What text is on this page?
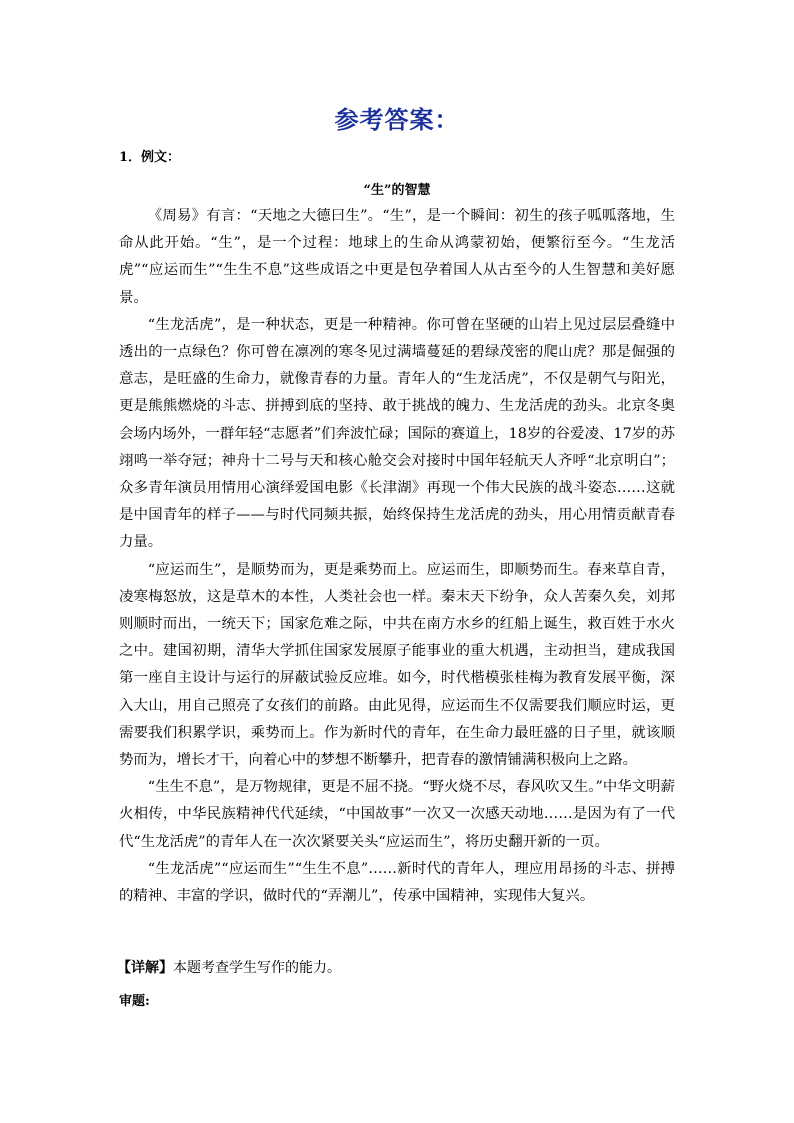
参考答案：
1．例文：
“生”的智慧

《周易》有言：“天地之大德曰生”。“生”，是一个瞬间：初生的孩子呱呱落地，生命从此开始。“生”，是一个过程：地球上的生命从鸿蒙初始，便繁衍至今。“生龙活虎”“应运而生”“生生不息”这些成语之中更是包孕着国人从古至今的人生智慧和美好愿景。

“生龙活虎”，是一种状态，更是一种精神。你可曾在坚硬的山岩上见过层层叠缝中透出的一点绿色？你可曾在凛冽的寒冬见过满墙蔓延的碧绿茂密的爬山虎？那是倔强的意志，是旺盛的生命力，就像青春的力量。青年人的“生龙活虎”，不仅是朝气与阳光，更是熊熊燃烧的斗志、拼搏到底的坚持、敢于挑战的魄力、生龙活虎的劲头。北京冬奥会场内场外，一群年轻“志愿者”们奔波忙碌；国际的赛道上，18岁的谷爱凌、17岁的苏翊鸣一举夺冠；神舟十二号与天和核心舱交会对接时中国年轻航天人齐呼“北京明白”；众多青年演员用情用心演绎爱国电影《长津湖》再现一个伟大民族的战斗姿态……这就是中国青年的样子——与时代同频共振，始终保持生龙活虎的劲头，用心用情贡献青春力量。

“应运而生”，是顺势而为，更是乘势而上。应运而生，即顺势而生。春来草自青，凌寒梅怒放，这是草木的本性，人类社会也一样。秦末天下纷争，众人苦秦久矣，刘邦则顺时而出，一统天下；国家危难之际，中共在南方水乡的红船上诞生，救百姓于水火之中。建国初期，清华大学抓住国家发展原子能事业的重大机遇，主动担当，建成我国第一座自主设计与运行的屏蔽试验反应堆。如今，时代楷模张桂梅为教育发展平衡，深入大山，用自己照亮了女孩们的前路。由此见得，应运而生不仅需要我们顺应时运，更需要我们积累学识，乘势而上。作为新时代的青年，在生命力最旺盛的日子里，就该顺势而为，增长才干，向着心中的梦想不断攀升，把青春的激情铺满积极向上之路。

“生生不息”，是万物规律，更是不屈不挠。“野火烧不尽，春风吹又生。”中华文明薪火相传，中华民族精神代代延续，“中国故事”一次又一次感天动地……是因为有了一代代“生龙活虎”的青年人在一次次紧要关头“应运而生”，将历史翻开新的一页。

“生龙活虎”“应运而生”“生生不息”……新时代的青年人，理应用昂扬的斗志、拼搏的精神、丰富的学识，做时代的“弄潮儿”，传承中国精神，实现伟大复兴。

【详解】本题考查学生写作的能力。
审题:
